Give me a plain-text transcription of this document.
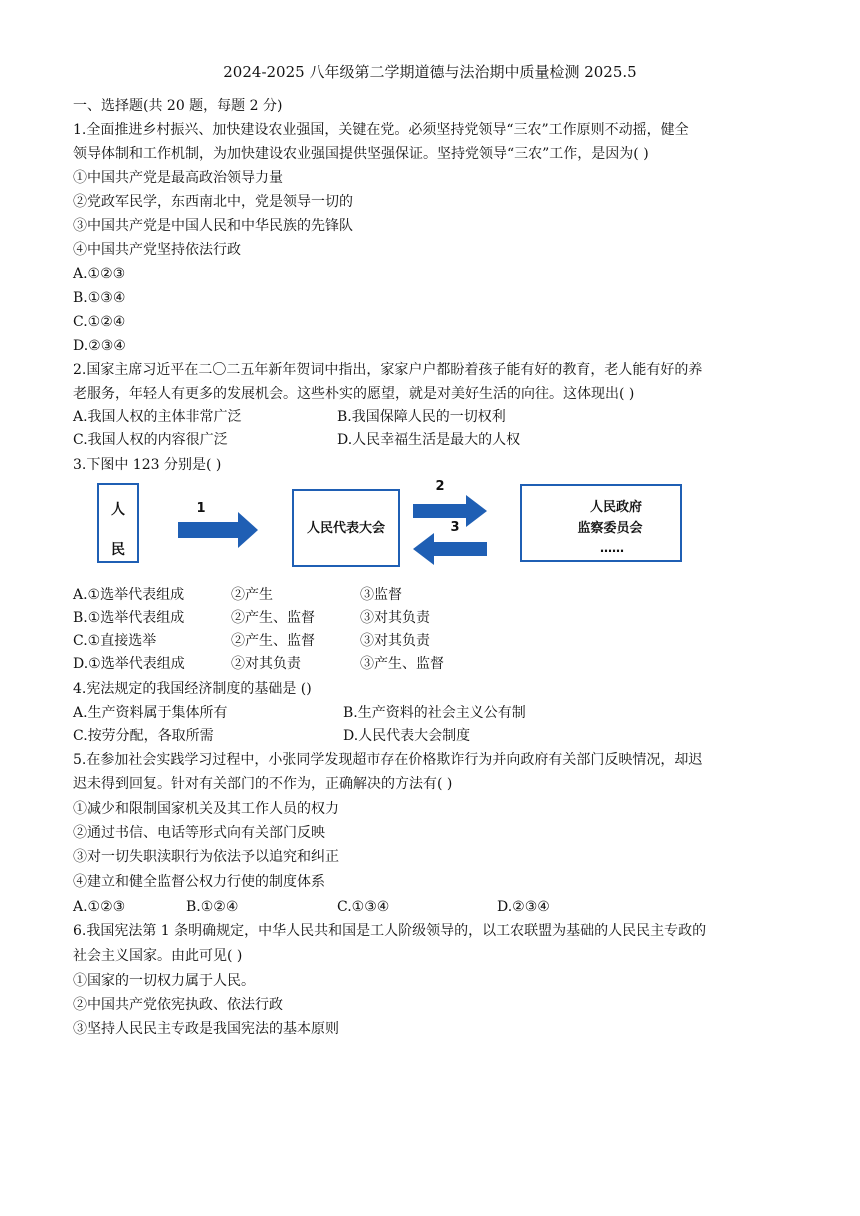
2024-2025 八年级第二学期道德与法治期中质量检测 2025.5
一、选择题(共 20 题，每题 2 分)
1.全面推进乡村振兴、加快建设农业强国，关键在党。必须坚持党领导“三农”工作原则不动摇，健全
领导体制和工作机制，为加快建设农业强国提供坚强保证。坚持党领导“三农”工作，是因为( )
①中国共产党是最高政治领导力量
②党政军民学，东西南北中，党是领导一切的
③中国共产党是中国人民和中华民族的先锋队
④中国共产党坚持依法行政
A.①②③
B.①③④
C.①②④
D.②③④
2.国家主席习近平在二〇二五年新年贺词中指出，家家户户都盼着孩子能有好的教育，老人能有好的养
老服务，年轻人有更多的发展机会。这些朴实的愿望，就是对美好生活的向往。这体现出( )
A.我国人权的主体非常广泛	B.我国保障人民的一切权利
C.我国人权的内容很广泛	D.人民幸福生活是最大的人权
3.下图中 123 分别是( )
人
民
1
人民代表大会
2
3
人民政府
监察委员会
……
A.①选举代表组成	②产生	③监督
B.①选举代表组成	②产生、监督	③对其负责
C.①直接选举	②产生、监督	③对其负责
D.①选举代表组成	②对其负责	③产生、监督
4.宪法规定的我国经济制度的基础是 ()
A.生产资料属于集体所有	B.生产资料的社会主义公有制
C.按劳分配，各取所需	D.人民代表大会制度
5.在参加社会实践学习过程中，小张同学发现超市存在价格欺诈行为并向政府有关部门反映情况，却迟
迟未得到回复。针对有关部门的不作为，正确解决的方法有( )
①减少和限制国家机关及其工作人员的权力
②通过书信、电话等形式向有关部门反映
③对一切失职渎职行为依法予以追究和纠正
④建立和健全监督公权力行使的制度体系
A.①②③	B.①②④	C.①③④	D.②③④
6.我国宪法第 1 条明确规定，中华人民共和国是工人阶级领导的，以工农联盟为基础的人民民主专政的
社会主义国家。由此可见( )
①国家的一切权力属于人民。
②中国共产党依宪执政、依法行政
③坚持人民民主专政是我国宪法的基本原则
